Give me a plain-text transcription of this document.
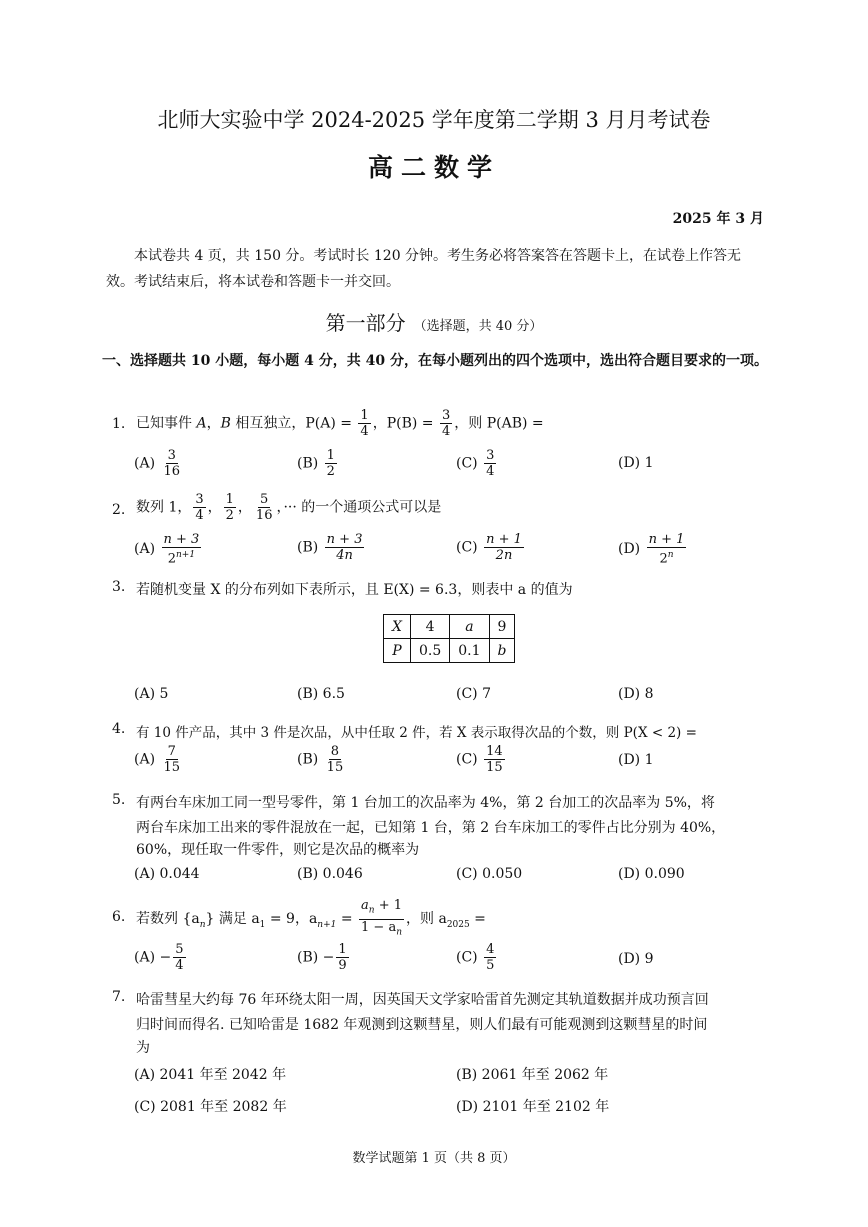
北师大实验中学 2024-2025 学年度第二学期 3 月月考试卷
高二数学
2025 年 3 月
本试卷共 4 页，共 150 分。考试时长 120 分钟。考生务必将答案答在答题卡上，在试卷上作答无效。考试结束后，将本试卷和答题卡一并交回。
第一部分 （选择题，共 40 分）
一、选择题共 10 小题，每小题 4 分，共 40 分，在每小题列出的四个选项中，选出符合题目要求的一项。
1. 已知事件 A，B 相互独立，$P(A) = \frac{1}{4}$ ，$P(B) = \frac{3}{4}$ ，则 P(AB) =
$(A) \frac{3}{16}$	$(B) \frac{1}{2}$	$(C) \frac{3}{4}$	(D) 1
2. 数列 1， $\frac{3}{4}$ ， $\frac{1}{2}$ ， $\frac{5}{16}$ ，··· 的一个通项公式可以是
$(A) \frac{n + 3}{2^{n+1}}$	$(B) \frac{n + 3}{4n}$	$(C) \frac{n + 1}{2n}$	$(D) \frac{n + 1}{2^n}$
3. 若随机变量 X 的分布列如下表所示，且 E(X) = 6.3，则表中 a 的值为
X	4	a	9
P	0.5	0.1	b
(A) 5	(B) 6.5	(C) 7	(D) 8
4. 有 10 件产品，其中 3 件是次品，从中任取 2 件，若 X 表示取得次品的个数，则 P(X < 2) =
$(A) \frac{7}{15}$	$(B) \frac{8}{15}$	$(C) \frac{14}{15}$	(D) 1
5. 有两台车床加工同一型号零件，第 1 台加工的次品率为 4%，第 2 台加工的次品率为 5%，将
两台车床加工出来的零件混放在一起，已知第 1 台，第 2 台车床加工的零件占比分别为 40%，
60%，现任取一件零件，则它是次品的概率为
(A) 0.044	(B) 0.046	(C) 0.050	(D) 0.090
6. 若数列 $\{a_n\}$ 满足 $a_1 = 9$，$a_{n+1} = \frac{a_n + 1}{1 - a_n}$ ，则 $a_{2025}$ =
$(A) - \frac{5}{4}$	$(B) - \frac{1}{9}$	$(C) \frac{4}{5}$	(D) 9
7. 哈雷彗星大约每 76 年环绕太阳一周，因英国天文学家哈雷首先测定其轨道数据并成功预言回
归时间而得名. 已知哈雷是 1682 年观测到这颗彗星，则人们最有可能观测到这颗彗星的时间
为
(A) 2041 年至 2042 年	(B) 2061 年至 2062 年
(C) 2081 年至 2082 年	(D) 2101 年至 2102 年
数学试题第 1 页（共 8 页）
